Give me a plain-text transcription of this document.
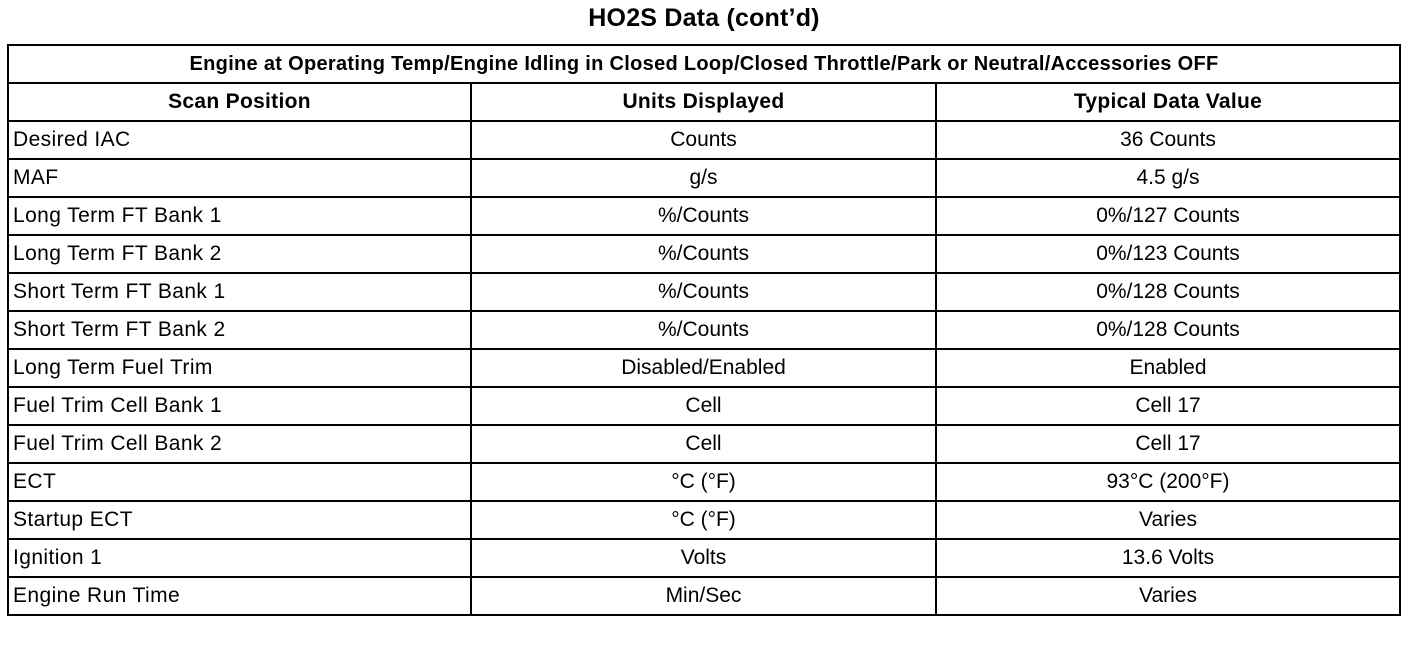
HO2S Data (cont’d)
Engine at Operating Temp/Engine Idling in Closed Loop/Closed Throttle/Park or Neutral/Accessories OFF		
Scan Position	Units Displayed	Typical Data Value
Desired IAC	Counts	36 Counts
MAF	g/s	4.5 g/s
Long Term FT Bank 1	%/Counts	0%/127 Counts
Long Term FT Bank 2	%/Counts	0%/123 Counts
Short Term FT Bank 1	%/Counts	0%/128 Counts
Short Term FT Bank 2	%/Counts	0%/128 Counts
Long Term Fuel Trim	Disabled/Enabled	Enabled
Fuel Trim Cell Bank 1	Cell	Cell 17
Fuel Trim Cell Bank 2	Cell	Cell 17
ECT	°C (°F)	93°C (200°F)
Startup ECT	°C (°F)	Varies
Ignition 1	Volts	13.6 Volts
Engine Run Time	Min/Sec	Varies
